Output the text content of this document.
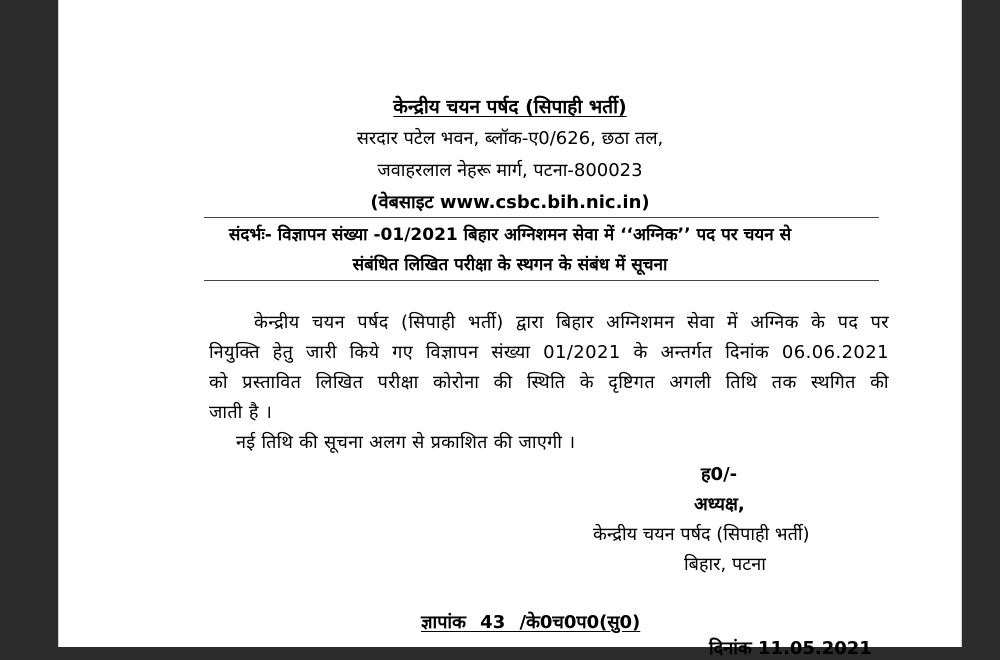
केन्द्रीय चयन पर्षद (सिपाही भर्ती)
सरदार पटेल भवन, ब्लॉक-ए0/626, छठा तल,
जवाहरलाल नेहरू मार्ग, पटना-800023
(वेबसाइट www.csbc.bih.nic.in)
संदर्भः- विज्ञापन संख्या -01/2021 बिहार अग्निशमन सेवा में ‘‘अग्निक’’ पद पर चयन से
संबंधित लिखित परीक्षा के स्थगन के संबंध में सूचना
केन्द्रीय चयन पर्षद (सिपाही भर्ती) द्वारा बिहार अग्निशमन सेवा में अग्निक के पद पर
नियुक्ति हेतु जारी किये गए विज्ञापन संख्या 01/2021 के अन्तर्गत दिनांक 06.06.2021
को प्रस्तावित लिखित परीक्षा कोरोना की स्थिति के दृष्टिगत अगली तिथि तक स्थगित की
जाती है ।
नई तिथि की सूचना अलग से प्रकाशित की जाएगी ।
ह0/-
अध्यक्ष,
केन्द्रीय चयन पर्षद (सिपाही भर्ती)
बिहार, पटना
ज्ञापांक 43 /के0च0प0(सु0)
दिनांक 11.05.2021
